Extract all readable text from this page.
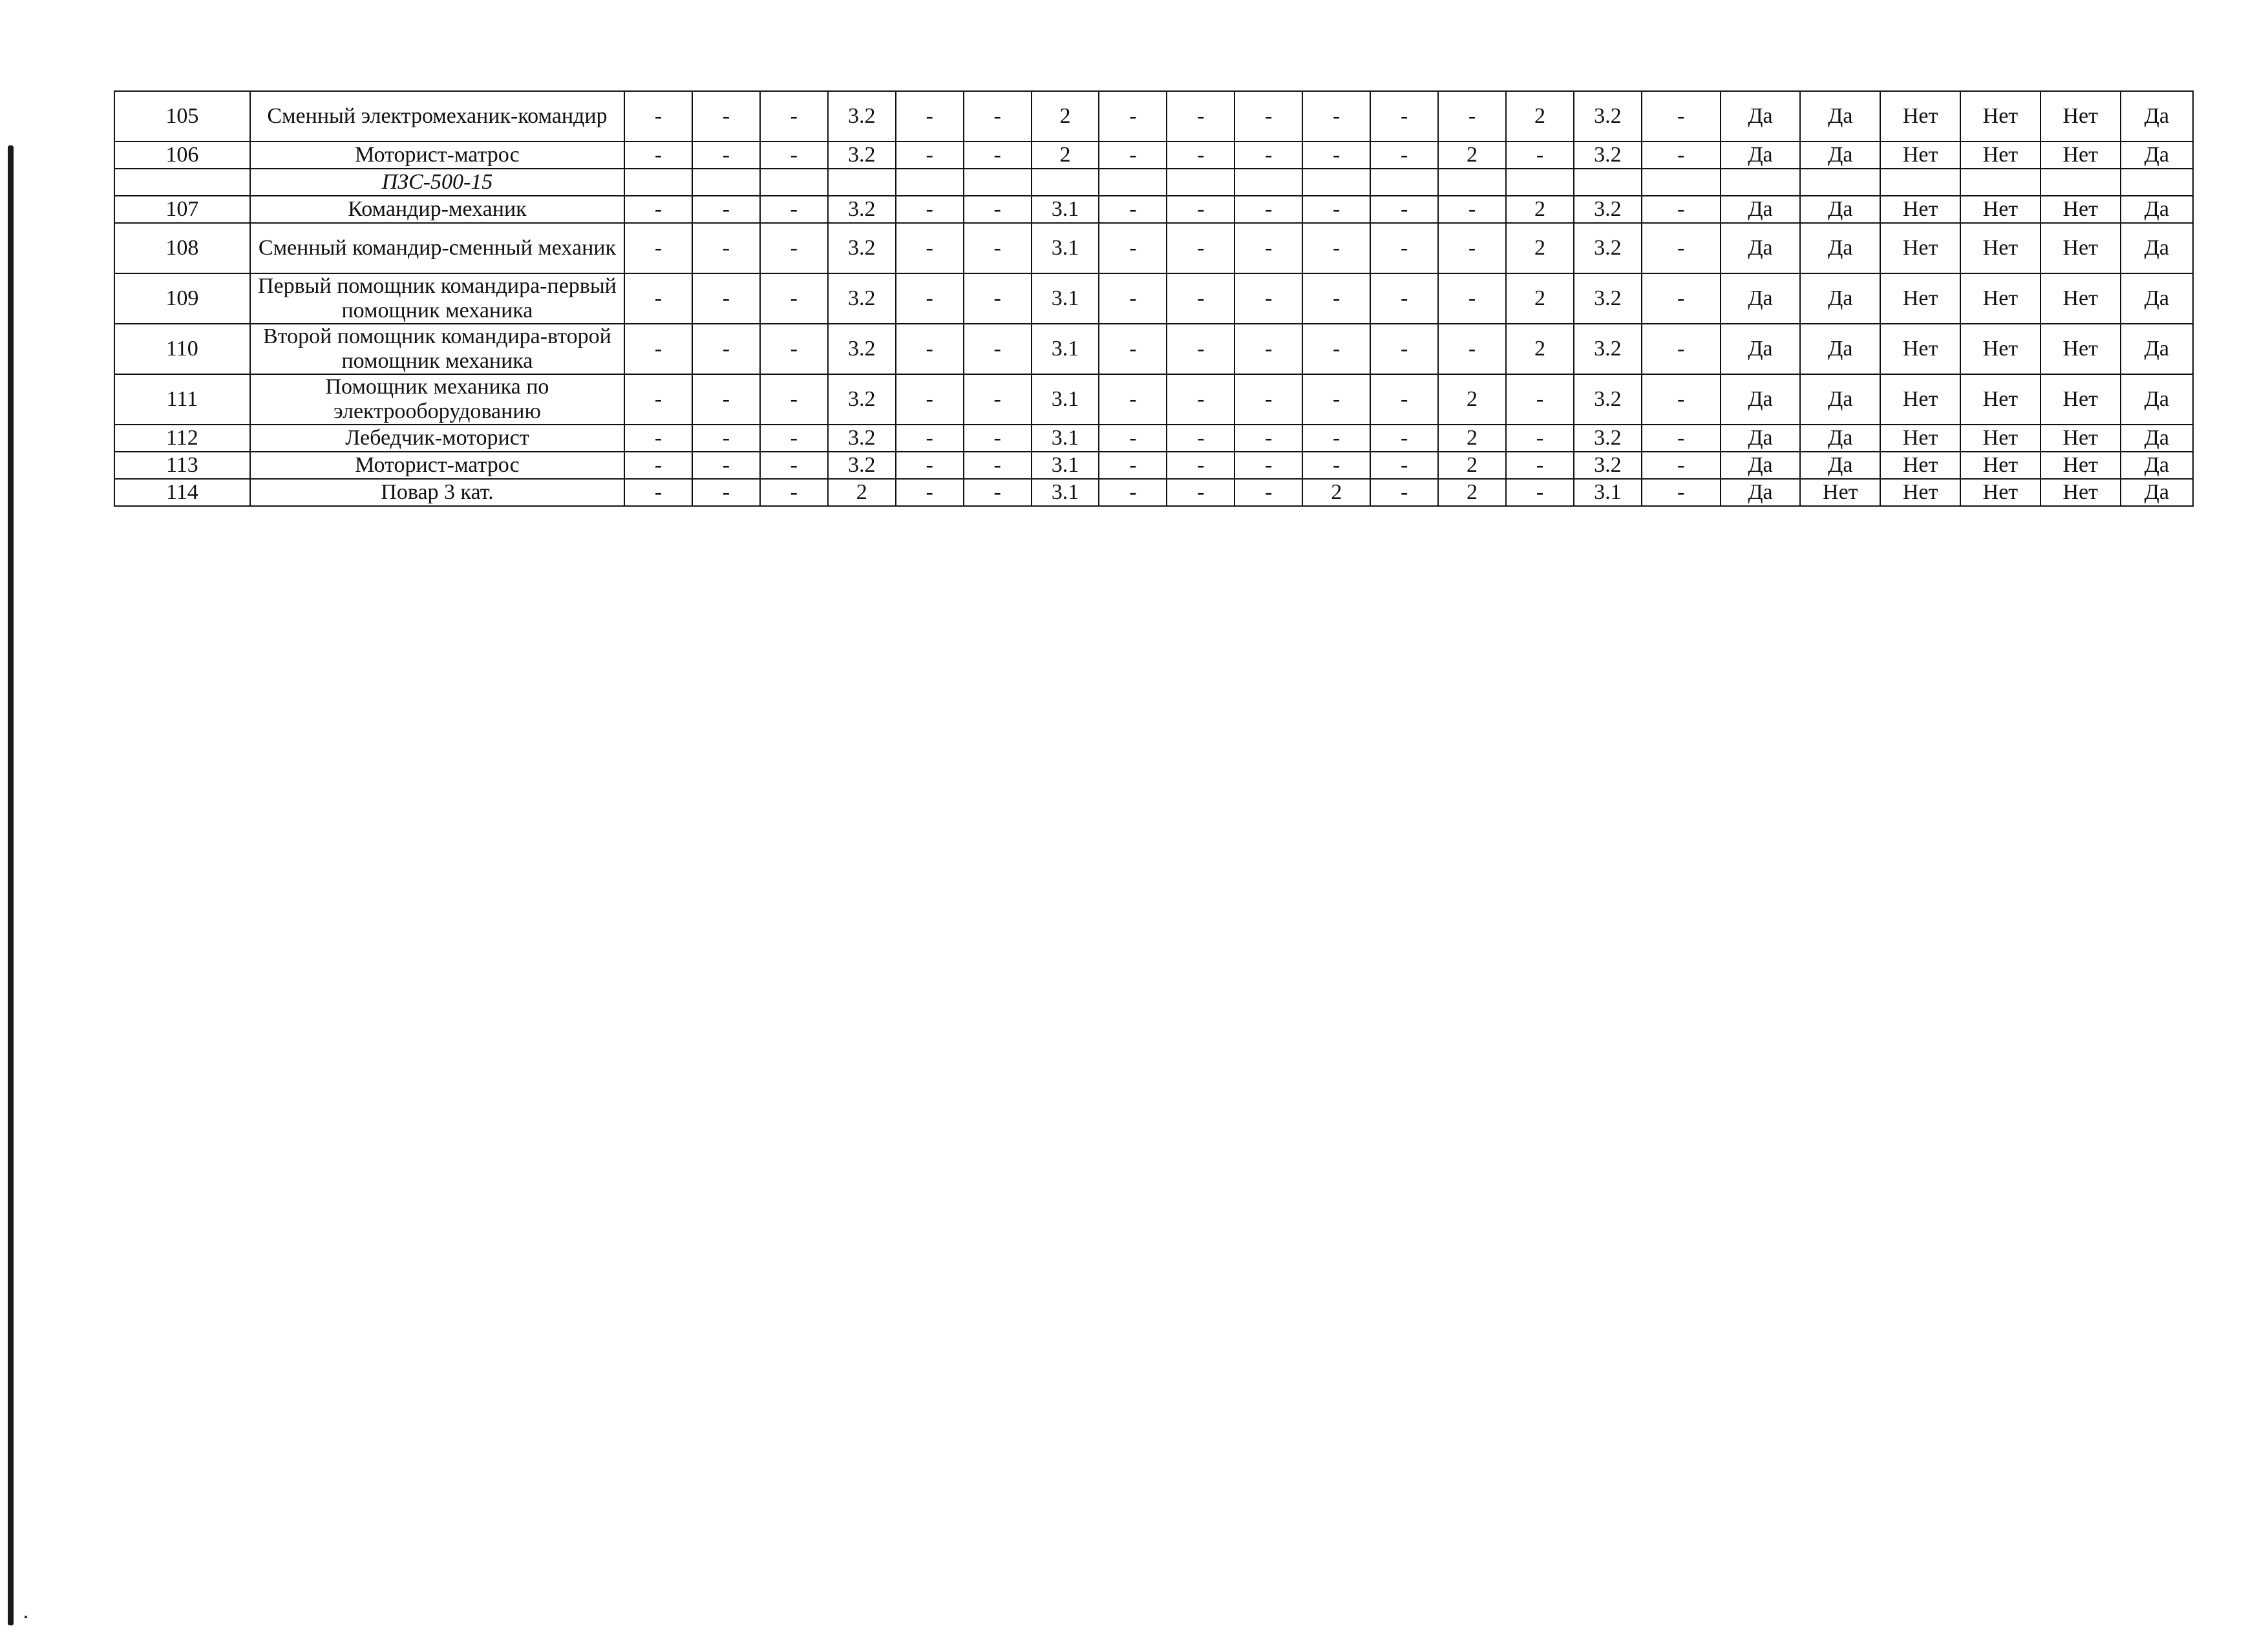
105	Сменный электромеханик-командир	-	-	-	3.2	-	-	2	-	-	-	-	-	-	2	3.2	-	Да	Да	Нет	Нет	Нет	Да
106	Моторист-матрос	-	-	-	3.2	-	-	2	-	-	-	-	-	2	-	3.2	-	Да	Да	Нет	Нет	Нет	Да
	ПЗС-500-15																						
107	Командир-механик	-	-	-	3.2	-	-	3.1	-	-	-	-	-	-	2	3.2	-	Да	Да	Нет	Нет	Нет	Да
108	Сменный командир-сменный механик	-	-	-	3.2	-	-	3.1	-	-	-	-	-	-	2	3.2	-	Да	Да	Нет	Нет	Нет	Да
109	Первый помощник командира-первый помощник механика	-	-	-	3.2	-	-	3.1	-	-	-	-	-	-	2	3.2	-	Да	Да	Нет	Нет	Нет	Да
110	Второй помощник командира-второй помощник механика	-	-	-	3.2	-	-	3.1	-	-	-	-	-	-	2	3.2	-	Да	Да	Нет	Нет	Нет	Да
111	Помощник механика по электрооборудованию	-	-	-	3.2	-	-	3.1	-	-	-	-	-	2	-	3.2	-	Да	Да	Нет	Нет	Нет	Да
112	Лебедчик-моторист	-	-	-	3.2	-	-	3.1	-	-	-	-	-	2	-	3.2	-	Да	Да	Нет	Нет	Нет	Да
113	Моторист-матрос	-	-	-	3.2	-	-	3.1	-	-	-	-	-	2	-	3.2	-	Да	Да	Нет	Нет	Нет	Да
114	Повар 3 кат.	-	-	-	2	-	-	3.1	-	-	-	2	-	2	-	3.1	-	Да	Нет	Нет	Нет	Нет	Да
